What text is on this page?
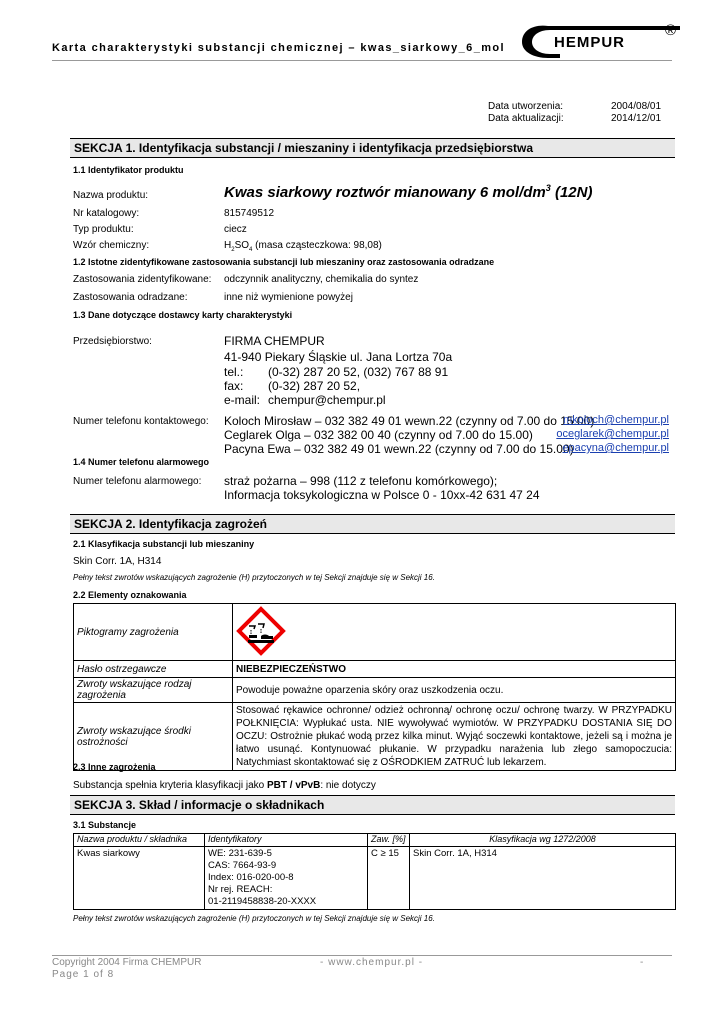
Karta charakterystyki substancji chemicznej – kwas_siarkowy_6_mol	HEMPUR
®
Data utworzenia:	2004/08/01
Data aktualizacji:	2014/12/01
SEKCJA 1. Identyfikacja substancji / mieszaniny i identyfikacja przedsiębiorstwa
1.1 Identyfikator produktu
Nazwa produktu:	Kwas siarkowy roztwór mianowany 6 mol/$dm^3$ (12N)
Nr katalogowy:	815749512
Typ produktu:	ciecz
Wzór chemiczny:	$H_2SO_4$ (masa cząsteczkowa: 98,08)
1.2 Istotne zidentyfikowane zastosowania substancji lub mieszaniny oraz zastosowania odradzane
Zastosowania zidentyfikowane: odczynnik analityczny, chemikalia do syntez
Zastosowania odradzane:	inne niż wymienione powyżej
1.3 Dane dotyczące dostawcy karty charakterystyki
Przedsiębiorstwo:	FIRMA CHEMPUR
41-940 Piekary Śląskie ul. Jana Lortza 70a
tel.: (0-32) 287 20 52, (032) 767 88 91
fax: (0-32) 287 20 52,
e-mail: chempur@chempur.pl
Numer telefonu kontaktowego: Koloch Mirosław – 032 382 49 01 wewn.22 (czynny od 7.00 do 15.00)
mkoloch@chempur.pl
Ceglarek Olga – 032 382 00 40 (czynny od 7.00 do 15.00) oceglarek@chempur.pl
Pacyna Ewa – 032 382 49 01 wewn.22 (czynny od 7.00 do 15.00)
epacyna@chempur.pl
1.4 Numer telefonu alarmowego
Numer telefonu alarmowego: straż pożarna – 998 (112 z telefonu komórkowego);
Informacja toksykologiczna w Polsce 0 - 10xx-42 631 47 24
SEKCJA 2. Identyfikacja zagrożeń
2.1 Klasyfikacja substancji lub mieszaniny
Skin Corr. 1A, H314
Pełny tekst zwrotów wskazujących zagrożenie (H) przytoczonych w tej Sekcji znajduje się w Sekcji 16.
2.2 Elementy oznakowania
Piktogramy zagrożenia	
Hasło ostrzegawcze	NIEBEZPIECZEŃSTWO
Zwroty wskazujące rodzaj zagrożenia	Powoduje poważne oparzenia skóry oraz uszkodzenia oczu.
Zwroty wskazujące środki ostrożności	Stosować rękawice ochronne/ odzież ochronną/ ochronę oczu/ ochronę twarzy. W PRZYPADKU POŁKNIĘCIA: Wypłukać usta. NIE wywoływać wymiotów. W PRZYPADKU DOSTANIA SIĘ DO OCZU: Ostrożnie płukać wodą przez kilka minut. Wyjąć soczewki kontaktowe, jeżeli są i można je łatwo usunąć. Kontynuować płukanie. W przypadku narażenia lub złego samopoczucia: Natychmiast skontaktować się z OŚRODKIEM ZATRUĆ lub lekarzem.
2.3 Inne zagrożenia
Substancja spełnia kryteria klasyfikacji jako PBT / vPvB: nie dotyczy
SEKCJA 3. Skład / informacje o składnikach
3.1 Substancje
Nazwa produktu / składnika	Identyfikatory	Zaw. [%]	Klasyfikacja wg 1272/2008
Kwas siarkowy	WE: 231-639-5
CAS: 7664-93-9
Index: 016-020-00-8
Nr rej. REACH:
01-2119458838-20-XXXX	C ≥ 15	Skin Corr. 1A, H314
Pełny tekst zwrotów wskazujących zagrożenie (H) przytoczonych w tej Sekcji znajduje się w Sekcji 16.
Copyright 2004 Firma CHEMPUR	- www.chempur.pl -	-
Page 1 of 8
